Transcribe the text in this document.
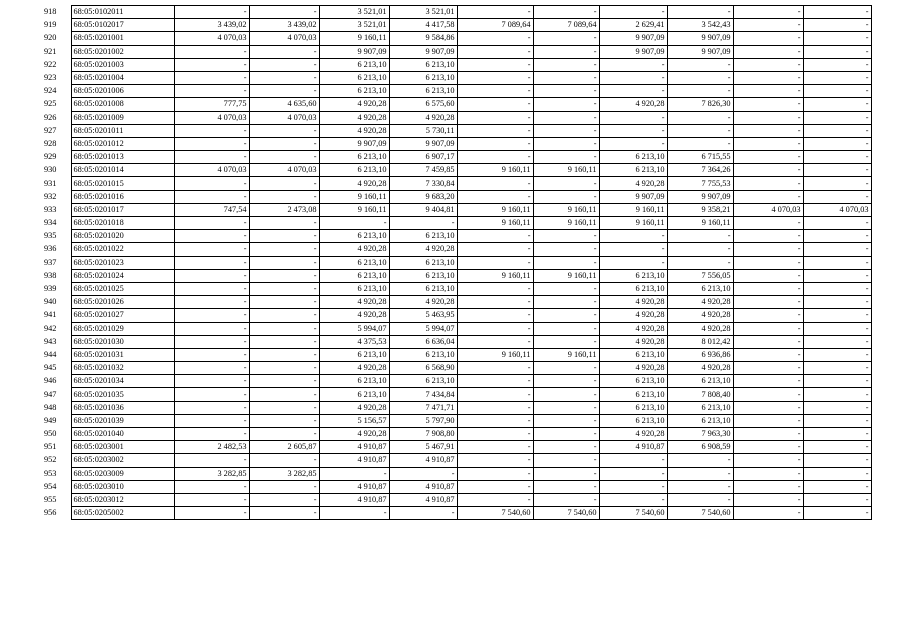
918	68:05:0102011	-	-	3 521,01	3 521,01	-	-	-	-	-	-
919	68:05:0102017	3 439,02	3 439,02	3 521,01	4 417,58	7 089,64	7 089,64	2 629,41	3 542,43	-	-
920	68:05:0201001	4 070,03	4 070,03	9 160,11	9 584,86	-	-	9 907,09	9 907,09	-	-
921	68:05:0201002	-	-	9 907,09	9 907,09	-	-	9 907,09	9 907,09	-	-
922	68:05:0201003	-	-	6 213,10	6 213,10	-	-	-	-	-	-
923	68:05:0201004	-	-	6 213,10	6 213,10	-	-	-	-	-	-
924	68:05:0201006	-	-	6 213,10	6 213,10	-	-	-	-	-	-
925	68:05:0201008	777,75	4 635,60	4 920,28	6 575,60	-	-	4 920,28	7 826,30	-	-
926	68:05:0201009	4 070,03	4 070,03	4 920,28	4 920,28	-	-	-	-	-	-
927	68:05:0201011	-	-	4 920,28	5 730,11	-	-	-	-	-	-
928	68:05:0201012	-	-	9 907,09	9 907,09	-	-	-	-	-	-
929	68:05:0201013	-	-	6 213,10	6 907,17	-	-	6 213,10	6 715,55	-	-
930	68:05:0201014	4 070,03	4 070,03	6 213,10	7 459,85	9 160,11	9 160,11	6 213,10	7 364,26	-	-
931	68:05:0201015	-	-	4 920,28	7 330,84	-	-	4 920,28	7 755,53	-	-
932	68:05:0201016	-	-	9 160,11	9 683,20	-	-	9 907,09	9 907,09	-	-
933	68:05:0201017	747,54	2 473,08	9 160,11	9 404,81	9 160,11	9 160,11	9 160,11	9 358,21	4 070,03	4 070,03
934	68:05:0201018	-	-	-	-	9 160,11	9 160,11	9 160,11	9 160,11	-	-
935	68:05:0201020	-	-	6 213,10	6 213,10	-	-	-	-	-	-
936	68:05:0201022	-	-	4 920,28	4 920,28	-	-	-	-	-	-
937	68:05:0201023	-	-	6 213,10	6 213,10	-	-	-	-	-	-
938	68:05:0201024	-	-	6 213,10	6 213,10	9 160,11	9 160,11	6 213,10	7 556,05	-	-
939	68:05:0201025	-	-	6 213,10	6 213,10	-	-	6 213,10	6 213,10	-	-
940	68:05:0201026	-	-	4 920,28	4 920,28	-	-	4 920,28	4 920,28	-	-
941	68:05:0201027	-	-	4 920,28	5 463,95	-	-	4 920,28	4 920,28	-	-
942	68:05:0201029	-	-	5 994,07	5 994,07	-	-	4 920,28	4 920,28	-	-
943	68:05:0201030	-	-	4 375,53	6 636,04	-	-	4 920,28	8 012,42	-	-
944	68:05:0201031	-	-	6 213,10	6 213,10	9 160,11	9 160,11	6 213,10	6 936,86	-	-
945	68:05:0201032	-	-	4 920,28	6 568,90	-	-	4 920,28	4 920,28	-	-
946	68:05:0201034	-	-	6 213,10	6 213,10	-	-	6 213,10	6 213,10	-	-
947	68:05:0201035	-	-	6 213,10	7 434,84	-	-	6 213,10	7 808,40	-	-
948	68:05:0201036	-	-	4 920,28	7 471,71	-	-	6 213,10	6 213,10	-	-
949	68:05:0201039	-	-	5 156,57	5 797,90	-	-	6 213,10	6 213,10	-	-
950	68:05:0201040	-	-	4 920,28	7 908,80	-	-	4 920,28	7 963,30	-	-
951	68:05:0203001	2 482,53	2 605,87	4 910,87	5 467,91	-	-	4 910,87	6 908,59	-	-
952	68:05:0203002	-	-	4 910,87	4 910,87	-	-	-	-	-	-
953	68:05:0203009	3 282,85	3 282,85	-	-	-	-	-	-	-	-
954	68:05:0203010	-	-	4 910,87	4 910,87	-	-	-	-	-	-
955	68:05:0203012	-	-	4 910,87	4 910,87	-	-	-	-	-	-
956	68:05:0205002	-	-	-	-	7 540,60	7 540,60	7 540,60	7 540,60	-	-
